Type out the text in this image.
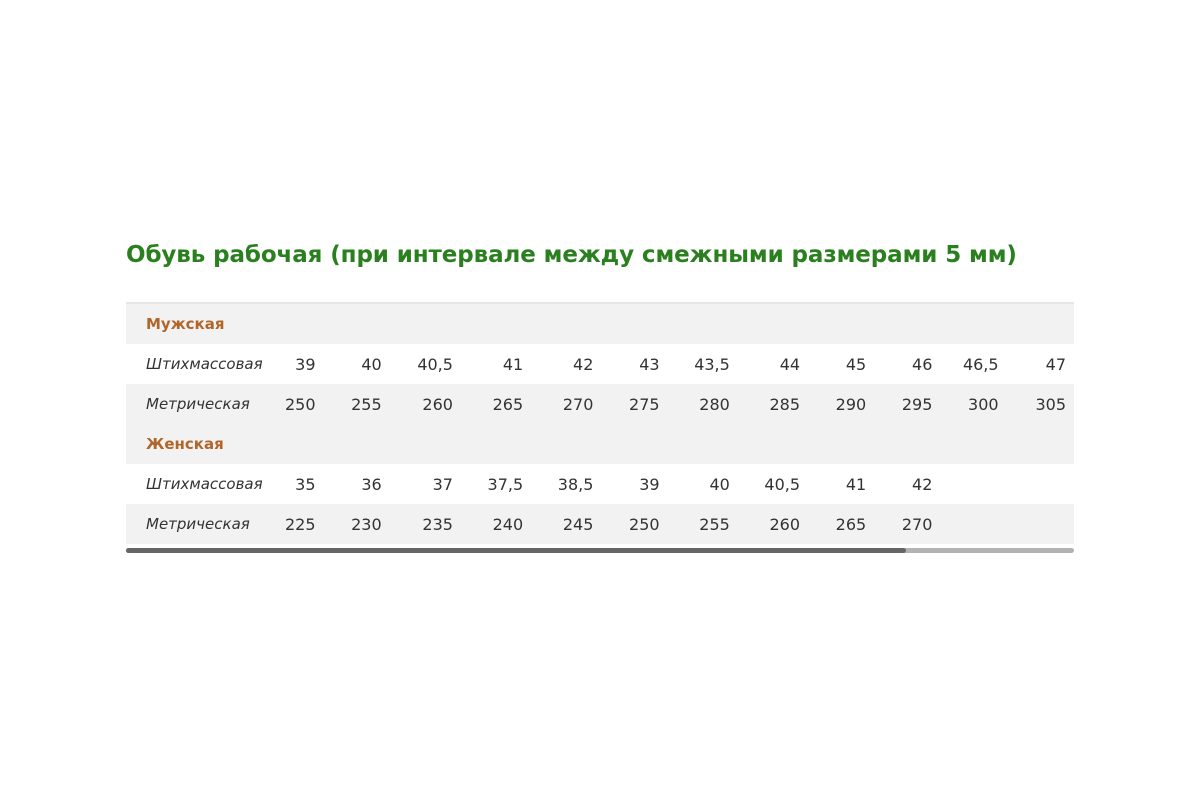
Обувь рабочая (при интервале между смежными размерами 5 мм)
Мужская												
Штихмассовая	39	40	40,5	41	42	43	43,5	44	45	46	46,5	47
Метрическая	250	255	260	265	270	275	280	285	290	295	300	305
Женская												
Штихмассовая	35	36	37	37,5	38,5	39	40	40,5	41	42		
Метрическая	225	230	235	240	245	250	255	260	265	270		
